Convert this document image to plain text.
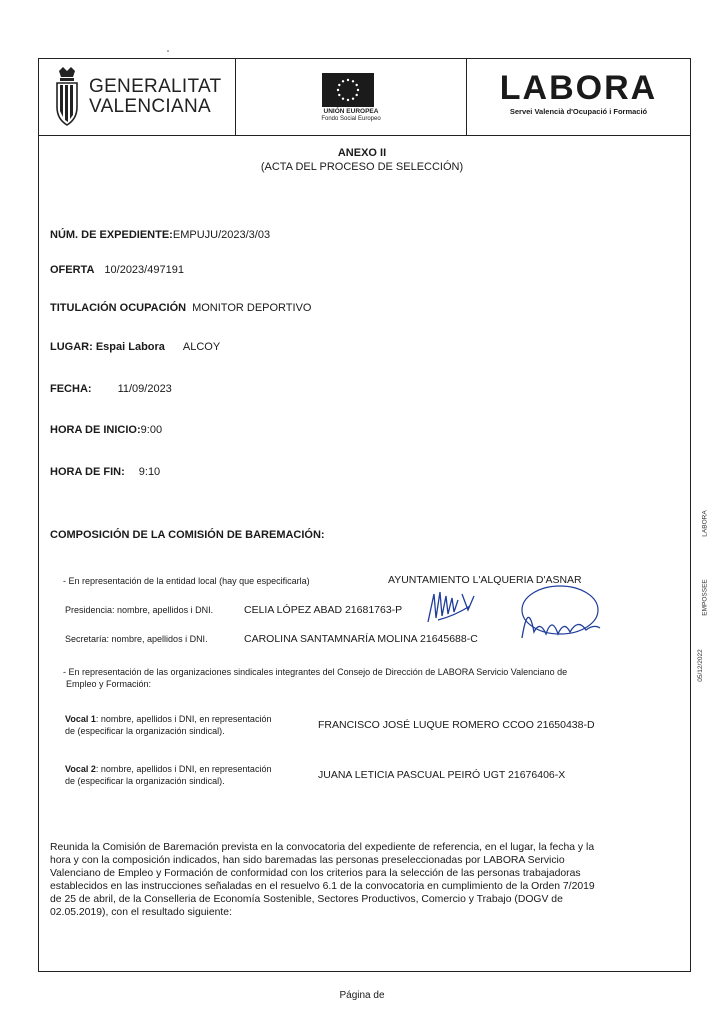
GENERALITAT
VALENCIANA	UNIÓN EUROPEA
Fondo Social Europeo
LABORA
Servei Valencià d'Ocupació i Formació
ANEXO II
(ACTA DEL PROCESO DE SELECCIÓN)
NÚM. DE EXPEDIENTE:EMPUJU/2023/3/03
OFERTA 10/2023/497191
TITULACIÓN OCUPACIÓN MONITOR DEPORTIVO
LUGAR: Espai Labora ALCOY
FECHA: 11/09/2023
HORA DE INICIO:9:00
HORA DE FIN: 9:10
COMPOSICIÓN DE LA COMISIÓN DE BAREMACIÓN:
- En representación de la entidad local (hay que especificarla)	AYUNTAMIENTO L'ALQUERIA D'ASNAR
Presidencia: nombre, apellidos i DNI.	CELIA LÓPEZ ABAD 21681763-P
Secretaría: nombre, apellidos i DNI.	CAROLINA SANTAMNARÍA MOLINA 21645688-C
- En representación de las organizaciones sindicales integrantes del Consejo de Dirección de LABORA Servicio Valenciano de
Empleo y Formación:
Vocal 1: nombre, apellidos i DNI, en representación
de (especificar la organización sindical).	FRANCISCO JOSÉ LUQUE ROMERO CCOO 21650438-D
Vocal 2: nombre, apellidos i DNI, en representación
de (especificar la organización sindical).	JUANA LETICIA PASCUAL PEIRÓ UGT 21676406-X
Reunida la Comisión de Baremación prevista en la convocatoria del expediente de referencia, en el lugar, la fecha y la
hora y con la composición indicados, han sido baremadas las personas preseleccionadas por LABORA Servicio
Valenciano de Empleo y Formación de conformidad con los criterios para la selección de las personas trabajadoras
establecidos en las instrucciones señaladas en el resuelvo 6.1 de la convocatoria en cumplimiento de la Orden 7/2019
de 25 de abril, de la Conselleria de Economía Sostenible, Sectores Productivos, Comercio y Trabajo (DOGV de
02.05.2019), con el resultado siguiente:
Página de
LABORA
EMPOSSEE
05/12/2022
